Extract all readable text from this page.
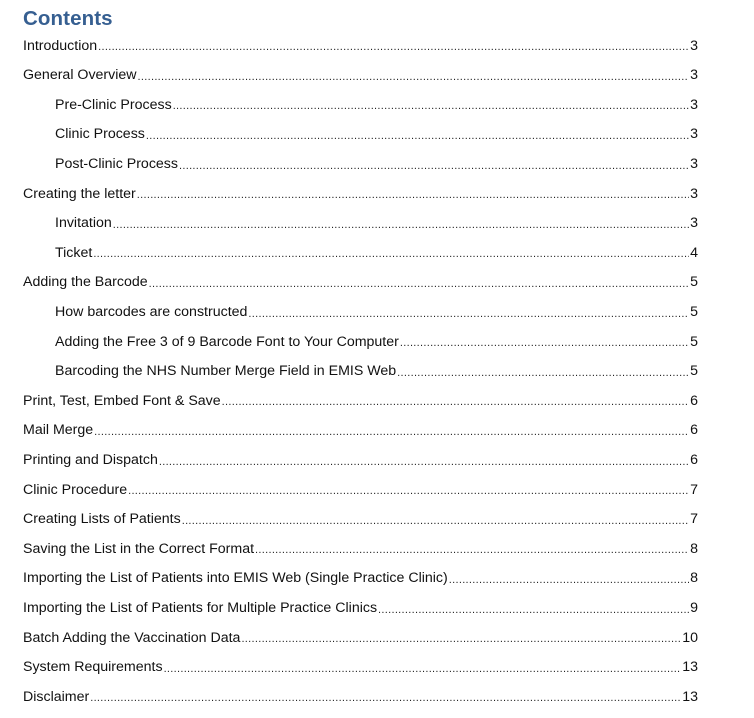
Contents
Introduction .....	3
General Overview .....	3
Pre-Clinic Process .....	3
Clinic Process .....	3
Post-Clinic Process .....	3
Creating the letter .....	3
Invitation .....	3
Ticket .....	4
Adding the Barcode .....	5
How barcodes are constructed .....	5
Adding the Free 3 of 9 Barcode Font to Your Computer .....	5
Barcoding the NHS Number Merge Field in EMIS Web .....	5
Print, Test, Embed Font & Save .....	6
Mail Merge .....	6
Printing and Dispatch .....	6
Clinic Procedure .....	7
Creating Lists of Patients .....	7
Saving the List in the Correct Format .....	8
Importing the List of Patients into EMIS Web (Single Practice Clinic) .....	8
Importing the List of Patients for Multiple Practice Clinics .....	9
Batch Adding the Vaccination Data .....	10
System Requirements .....	13
Disclaimer .....	13
